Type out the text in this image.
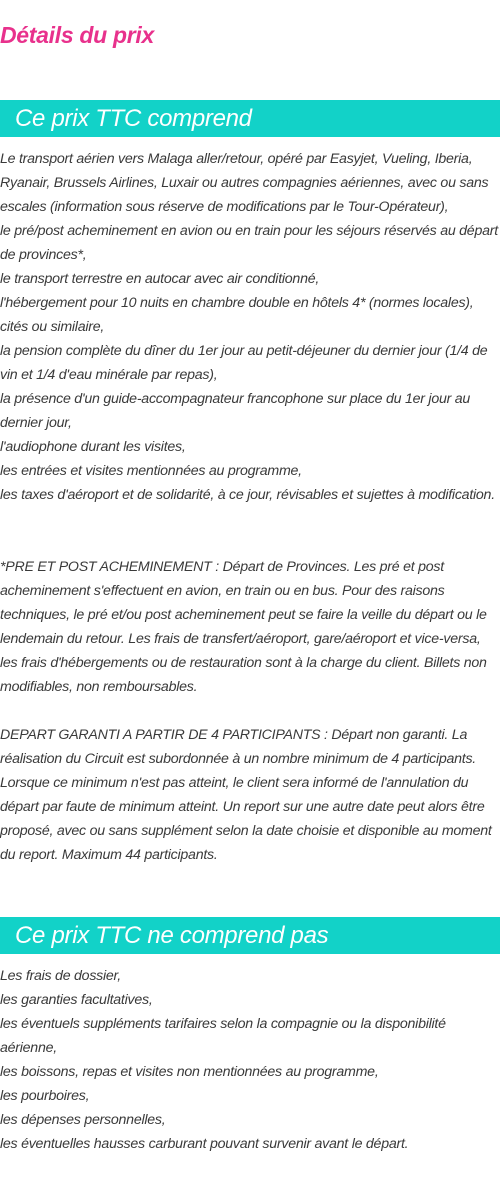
Détails du prix
Ce prix TTC comprend

Le transport aérien vers Malaga aller/retour, opéré par Easyjet, Vueling, Iberia, Ryanair, Brussels Airlines, Luxair ou autres compagnies aériennes, avec ou sans escales (information sous réserve de modifications par le Tour-Opérateur),

le pré/post acheminement en avion ou en train pour les séjours réservés au départ de provinces*,

le transport terrestre en autocar avec air conditionné,

l'hébergement pour 10 nuits en chambre double en hôtels 4* (normes locales), cités ou similaire,

la pension complète du dîner du 1er jour au petit-déjeuner du dernier jour (1/4 de vin et 1/4 d'eau minérale par repas),

la présence d'un guide-accompagnateur francophone sur place du 1er jour au dernier jour,

l'audiophone durant les visites,

les entrées et visites mentionnées au programme,

les taxes d'aéroport et de solidarité, à ce jour, révisables et sujettes à modification.

*PRE ET POST ACHEMINEMENT : Départ de Provinces. Les pré et post acheminement s'effectuent en avion, en train ou en bus. Pour des raisons techniques, le pré et/ou post acheminement peut se faire la veille du départ ou le lendemain du retour. Les frais de transfert/aéroport, gare/aéroport et vice-versa, les frais d'hébergements ou de restauration sont à la charge du client. Billets non modifiables, non remboursables.

DEPART GARANTI A PARTIR DE 4 PARTICIPANTS : Départ non garanti. La réalisation du Circuit est subordonnée à un nombre minimum de 4 participants. Lorsque ce minimum n'est pas atteint, le client sera informé de l'annulation du départ par faute de minimum atteint. Un report sur une autre date peut alors être proposé, avec ou sans supplément selon la date choisie et disponible au moment du report. Maximum 44 participants.

Ce prix TTC ne comprend pas

Les frais de dossier,

les garanties facultatives,

les éventuels suppléments tarifaires selon la compagnie ou la disponibilité aérienne,

les boissons, repas et visites non mentionnées au programme,

les pourboires,

les dépenses personnelles,

les éventuelles hausses carburant pouvant survenir avant le départ.
